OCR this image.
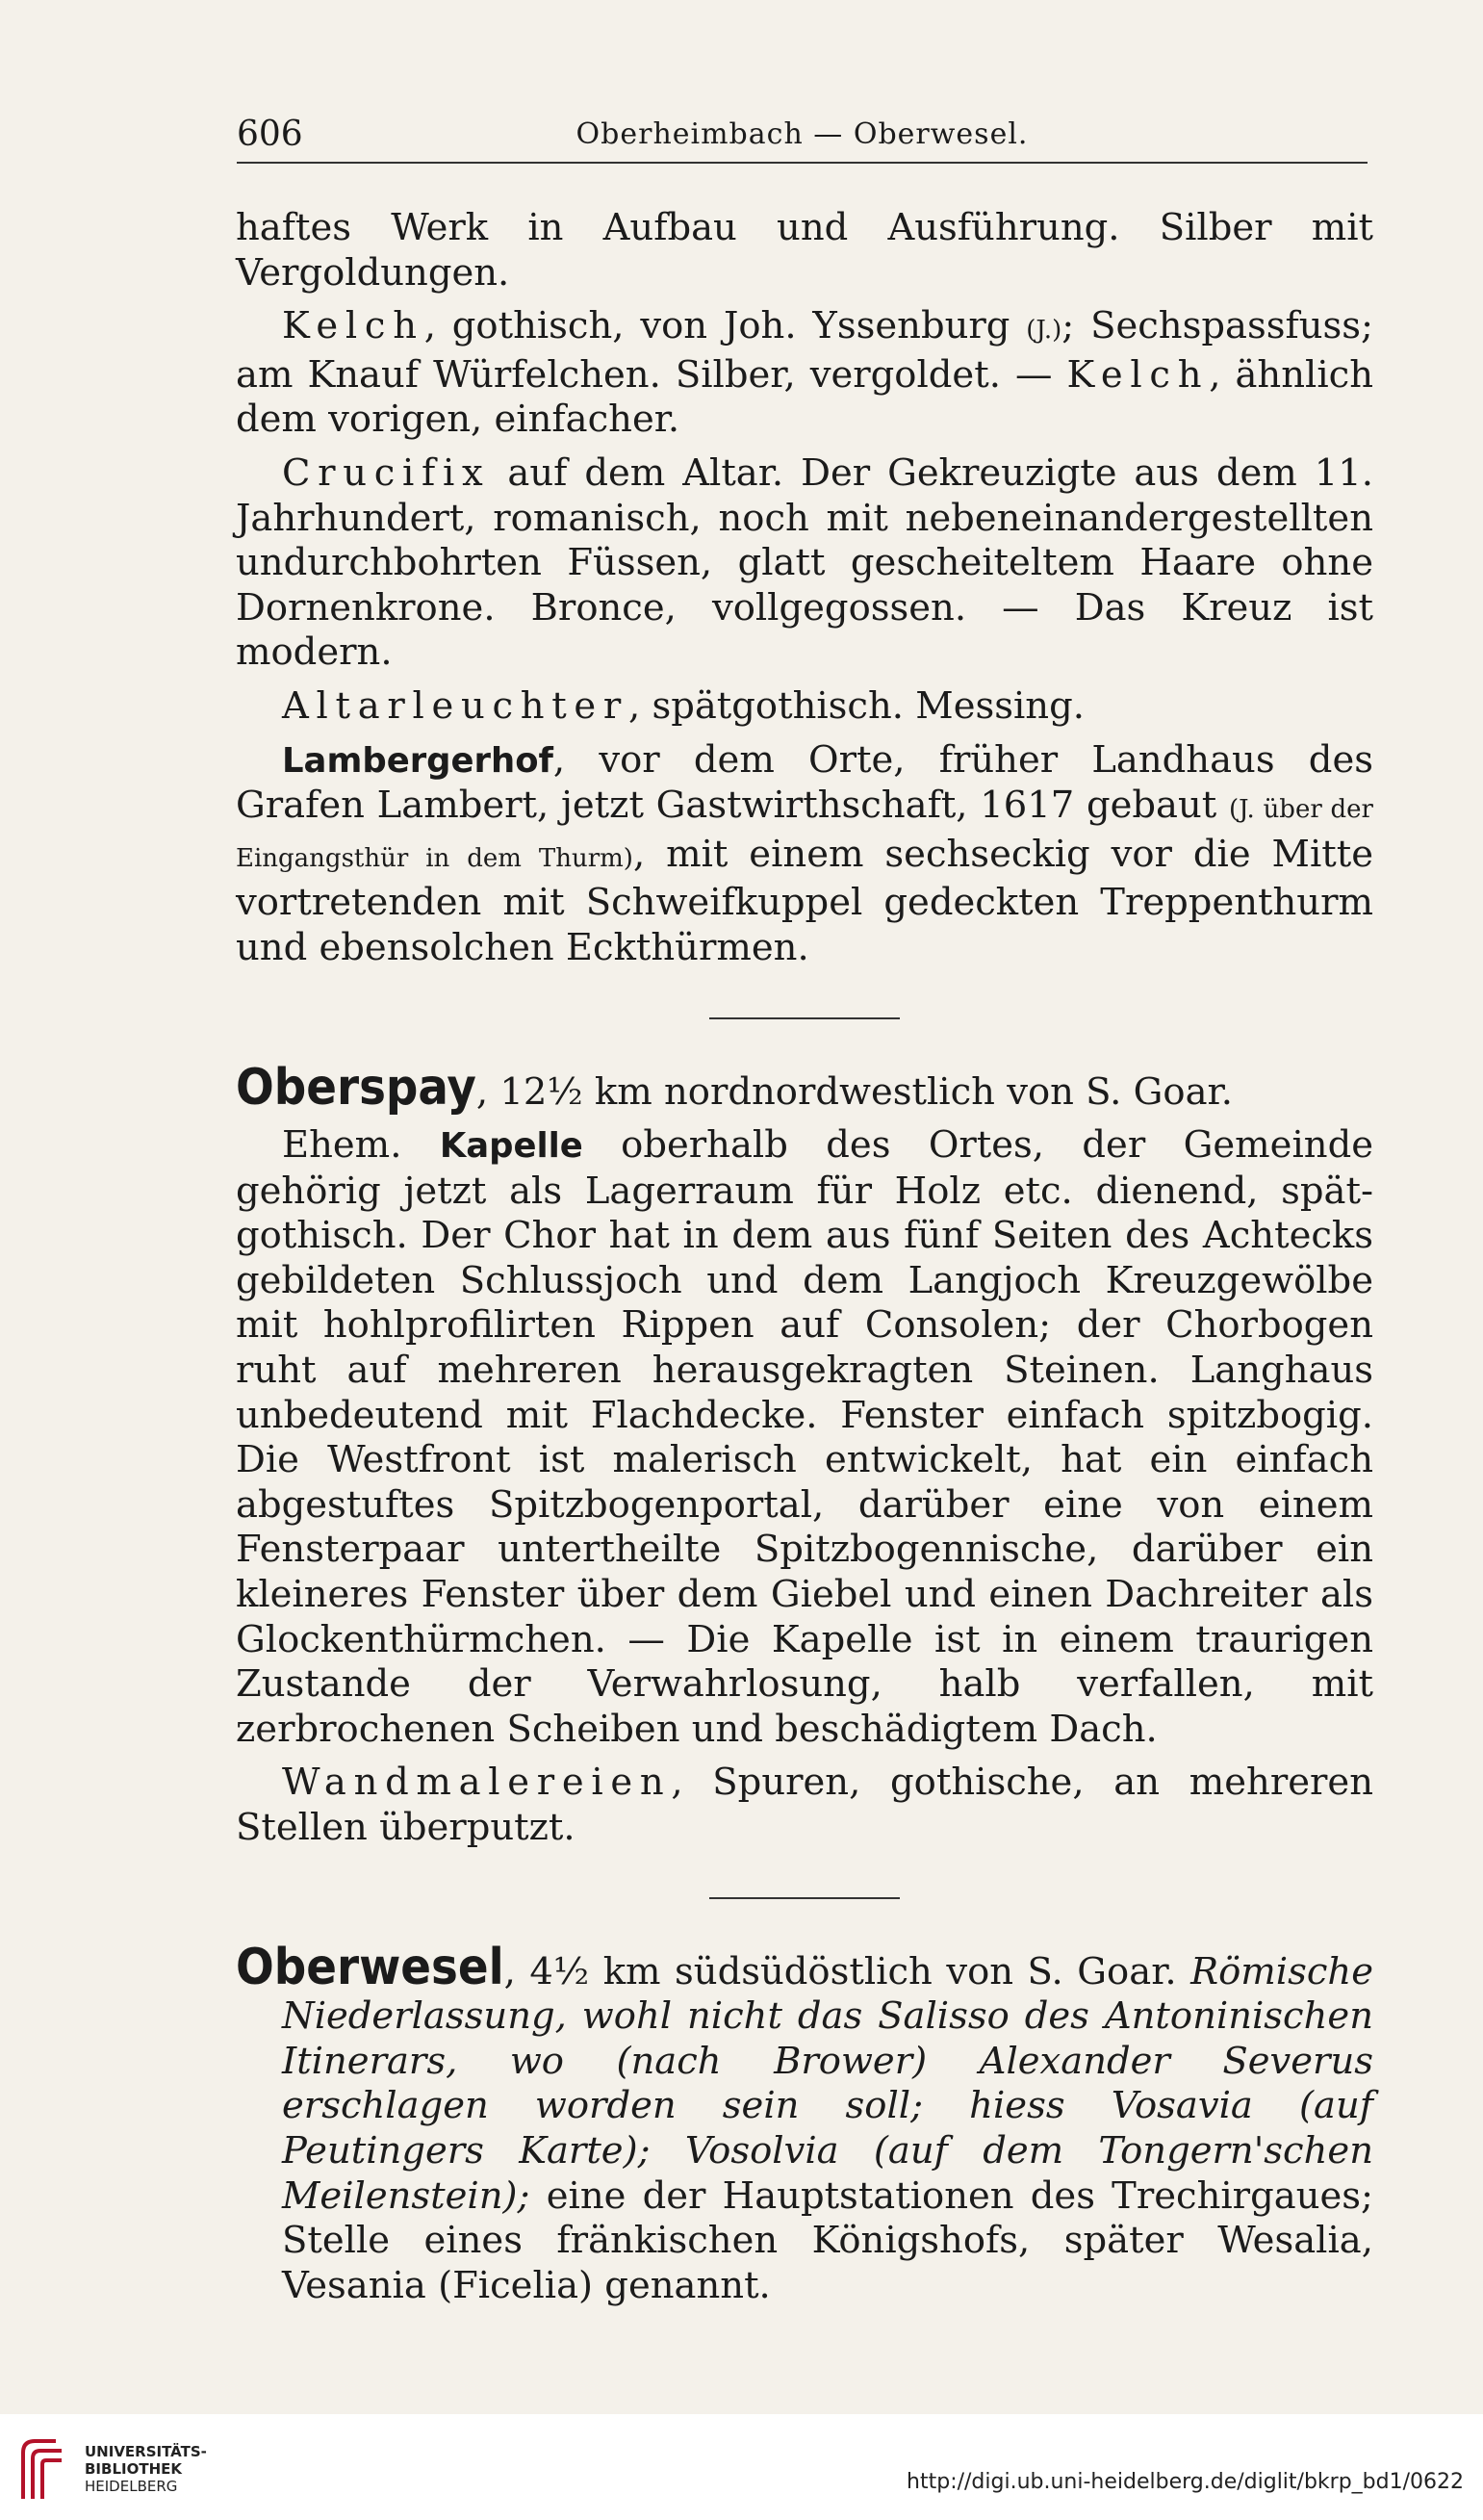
606	Oberheimbach — Oberwesel.

haftes Werk in Aufbau und Ausführung. Silber mit Vergoldungen.

Kelch, gothisch, von Joh. Yssenburg (J.); Sechspassfuss; am Knauf Würfelchen. Silber, vergoldet. — Kelch, ähnlich dem vorigen, einfacher.

Crucifix auf dem Altar. Der Gekreuzigte aus dem 11. Jahrhundert, romanisch, noch mit nebeneinandergestellten undurchbohrten Füssen, glatt gescheiteltem Haare ohne Dornenkrone. Bronce, vollgegossen. — Das Kreuz ist modern.

Altarleuchter, spätgothisch. Messing.

Lambergerhof, vor dem Orte, früher Landhaus des Grafen Lambert, jetzt Gastwirthschaft, 1617 gebaut (J. über der Eingangsthür in dem Thurm), mit einem sechseckig vor die Mitte vortretenden mit Schweifkuppel gedeckten Treppenthurm und ebensolchen Eckthürmen.

Oberspay, 12½ km nordnordwestlich von S. Goar.

Ehem. Kapelle oberhalb des Ortes, der Gemeinde gehörig jetzt als Lagerraum für Holz etc. dienend, spätgothisch. Der Chor hat in dem aus fünf Seiten des Achtecks gebildeten Schlussjoch und dem Langjoch Kreuzgewölbe mit hohlprofilirten Rippen auf Consolen; der Chorbogen ruht auf mehreren herausgekragten Steinen. Langhaus unbedeutend mit Flachdecke. Fenster einfach spitzbogig. Die Westfront ist malerisch entwickelt, hat ein einfach abgestuftes Spitzbogenportal, darüber eine von einem Fensterpaar untertheilte Spitzbogennische, darüber ein kleineres Fenster über dem Giebel und einen Dachreiter als Glockenthürmchen. — Die Kapelle ist in einem traurigen Zustande der Verwahrlosung, halb verfallen, mit zerbrochenen Scheiben und beschädigtem Dach.

Wandmalereien, Spuren, gothische, an mehreren Stellen überputzt.

Oberwesel, 4½ km südsüdöstlich von S. Goar. Römische Niederlassung, wohl nicht das Salisso des Antoninischen Itinerars, wo (nach Brower) Alexander Severus erschlagen worden sein soll; hiess Vosavia (auf Peutingers Karte); Vosolvia (auf dem Tongern'schen Meilenstein); eine der Hauptstationen des Trechirgaues; Stelle eines fränkischen Königshofs, später Wesalia, Vesania (Ficelia) genannt.

UNIVERSITÄTS-
BIBLIOTHEK
HEIDELBERG	http://digi.ub.uni-heidelberg.de/diglit/bkrp_bd1/0622
